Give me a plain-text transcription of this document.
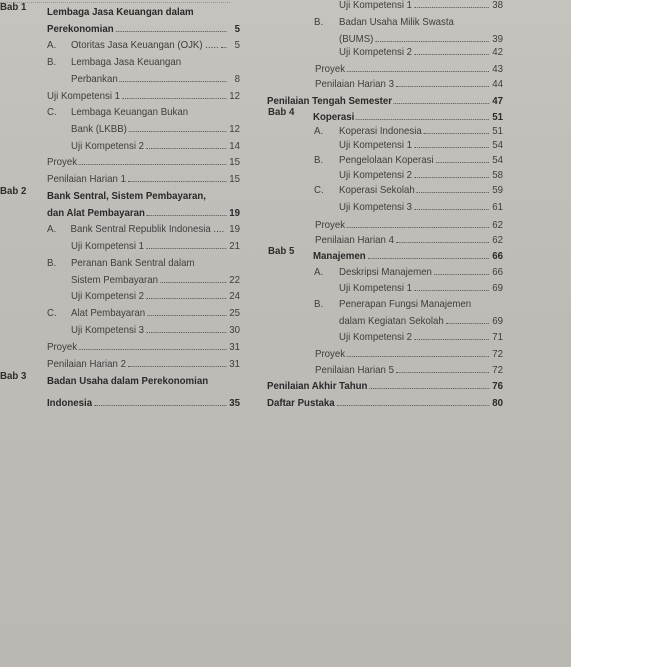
Bab 1 Lembaga Jasa Keuangan dalam
Perekonomian	5
A.	Otoritas Jasa Keuangan (OJK) .....	5
B.	Lembaga Jasa Keuangan
Perbankan	8
Uji Kompetensi 1	12
C.	Lembaga Keuangan Bukan
Bank (LKBB)	12
Uji Kompetensi 2	14
Proyek	15
Penilaian Harian 1	15
Bab 2 Bank Sentral, Sistem Pembayaran,
dan Alat Pembayaran	19
A.	Bank Sentral Republik Indonesia .... 19
Uji Kompetensi 1	21
B.	Peranan Bank Sentral dalam
Sistem Pembayaran	22
Uji Kompetensi 2	24
C.	Alat Pembayaran	25
Uji Kompetensi 3	30
Proyek	31
Penilaian Harian 2	31
Bab 3 Badan Usaha dalam Perekonomian
Indonesia	35
Uji Kompetensi 1	38
B.	Badan Usaha Milik Swasta
(BUMS)	39
Uji Kompetensi 2	42
Proyek	43
Penilaian Harian 3	44
Penilaian Tengah Semester	47
Bab 4 Koperasi	51
A.	Koperasi Indonesia	51
Uji Kompetensi 1	54
B.	Pengelolaan Koperasi	54
Uji Kompetensi 2	58
C.	Koperasi Sekolah	59
Uji Kompetensi 3	61
Proyek	62
Penilaian Harian 4	62
Bab 5 Manajemen	66
A.	Deskripsi Manajemen	66
Uji Kompetensi 1	69
B.	Penerapan Fungsi Manajemen
dalam Kegiatan Sekolah	69
Uji Kompetensi 2	71
Proyek	72
Penilaian Harian 5	72
Penilaian Akhir Tahun	76
Daftar Pustaka	80
